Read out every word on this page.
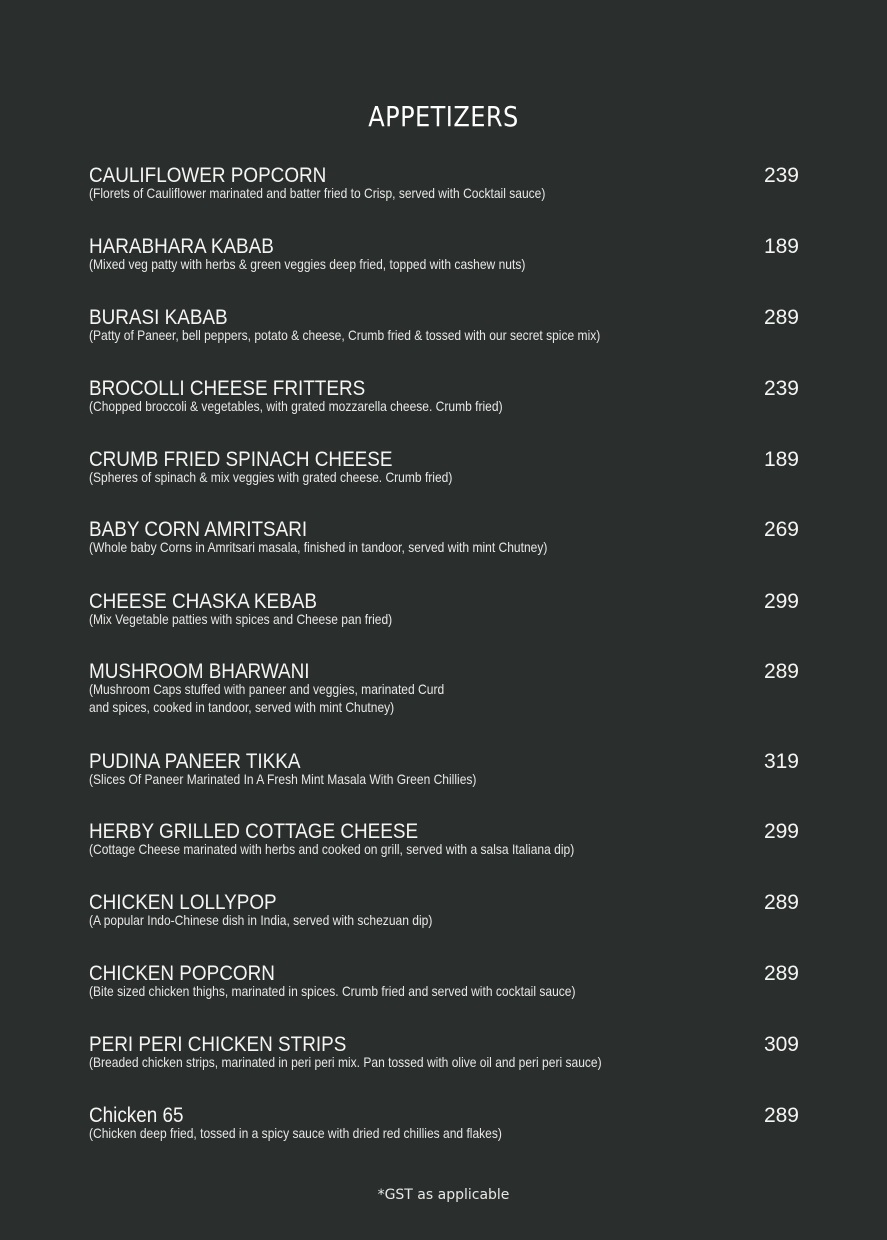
APPETIZERS
CAULIFLOWER POPCORN	239
(Florets of Cauliflower marinated and batter fried to Crisp, served with Cocktail sauce)
HARABHARA KABAB	189
(Mixed veg patty with herbs & green veggies deep fried, topped with cashew nuts)
BURASI KABAB	289
(Patty of Paneer, bell peppers, potato & cheese, Crumb fried & tossed with our secret spice mix)
BROCOLLI CHEESE FRITTERS	239
(Chopped broccoli & vegetables, with grated mozzarella cheese. Crumb fried)
CRUMB FRIED SPINACH CHEESE	189
(Spheres of spinach & mix veggies with grated cheese. Crumb fried)
BABY CORN AMRITSARI	269
(Whole baby Corns in Amritsari masala, finished in tandoor, served with mint Chutney)
CHEESE CHASKA KEBAB	299
(Mix Vegetable patties with spices and Cheese pan fried)
MUSHROOM BHARWANI	289
(Mushroom Caps stuffed with paneer and veggies, marinated Curd
and spices, cooked in tandoor, served with mint Chutney)
PUDINA PANEER TIKKA	319
(Slices Of Paneer Marinated In A Fresh Mint Masala With Green Chillies)
HERBY GRILLED COTTAGE CHEESE	299
(Cottage Cheese marinated with herbs and cooked on grill, served with a salsa Italiana dip)
CHICKEN LOLLYPOP	289
(A popular Indo-Chinese dish in India, served with schezuan dip)
CHICKEN POPCORN	289
(Bite sized chicken thighs, marinated in spices. Crumb fried and served with cocktail sauce)
PERI PERI CHICKEN STRIPS	309
(Breaded chicken strips, marinated in peri peri mix. Pan tossed with olive oil and peri peri sauce)
Chicken 65	289
(Chicken deep fried, tossed in a spicy sauce with dried red chillies and flakes)
*GST as applicable
